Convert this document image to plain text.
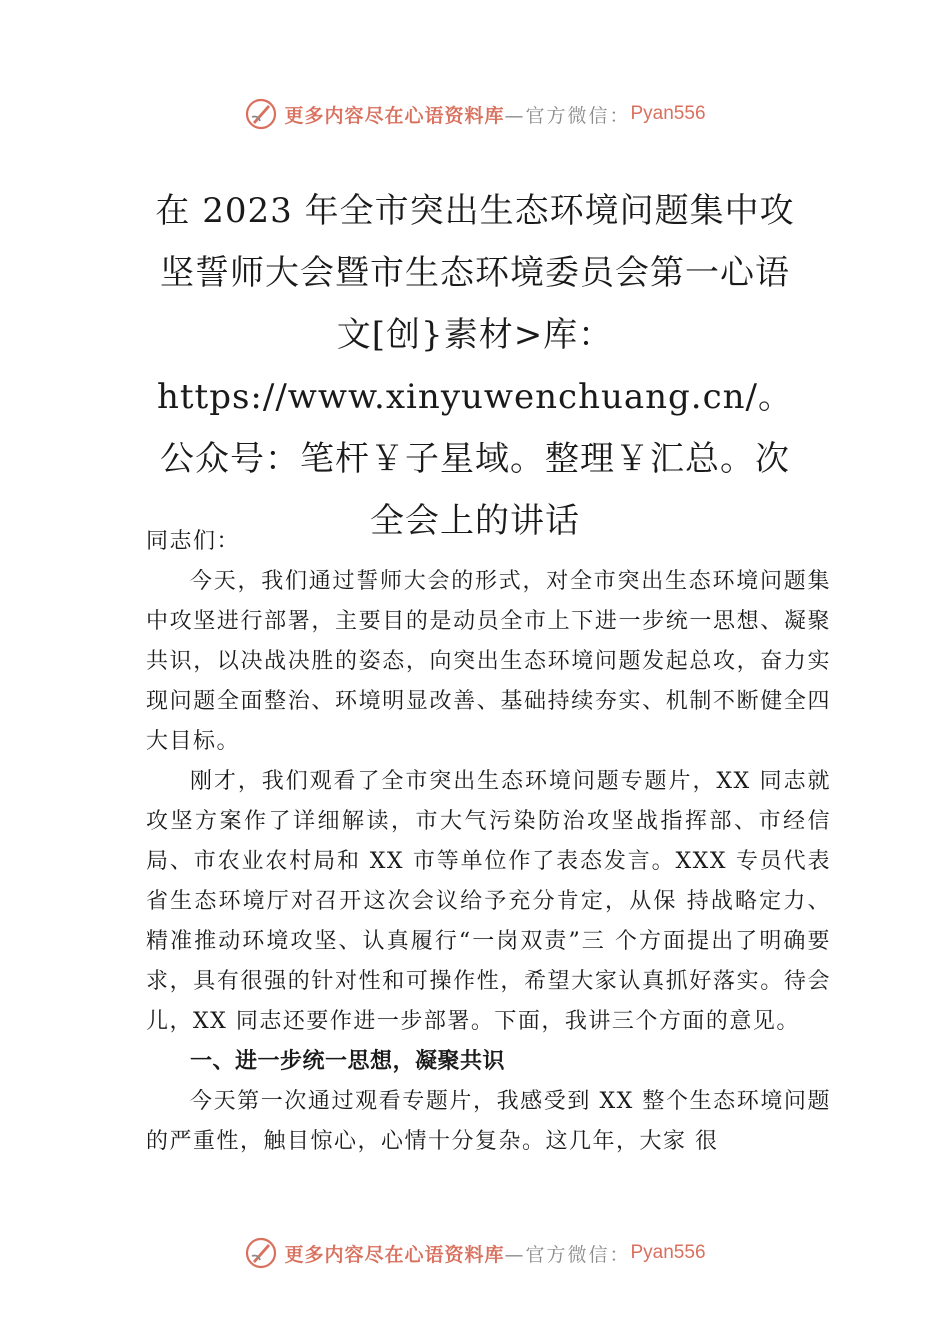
更多内容尽在心语资料库 —官方微信： Pyan556
在 2023 年全市突出生态环境问题集中攻坚誓师大会暨市生态环境委员会第一心语文[创}素材>库：https://www.xinyuwenchuang.cn/。公众号：笔杆￥子星域。整理￥汇总。次全会上的讲话

同志们：

今天，我们通过誓师大会的形式，对全市突出生态环境问题集中攻坚进行部署，主要目的是动员全市上下进一步统一思想、凝聚共识，以决战决胜的姿态，向突出生态环境问题发起总攻，奋力实现问题全面整治、环境明显改善、基础持续夯实、机制不断健全四大目标。

刚才，我们观看了全市突出生态环境问题专题片，XX 同志就攻坚方案作了详细解读，市大气污染防治攻坚战指挥部、市经信局、市农业农村局和 XX 市等单位作了表态发言。XXX 专员代表省生态环境厅对召开这次会议给予充分肯定，从保 持战略定力、精准推动环境攻坚、认真履行“一岗双责”三 个方面提出了明确要求，具有很强的针对性和可操作性，希望大家认真抓好落实。待会儿，XX 同志还要作进一步部署。下面，我讲三个方面的意见。

一、进一步统一思想，凝聚共识

今天第一次通过观看专题片，我感受到 XX 整个生态环境问题的严重性，触目惊心，心情十分复杂。这几年，大家 很

更多内容尽在心语资料库 —官方微信： Pyan556
